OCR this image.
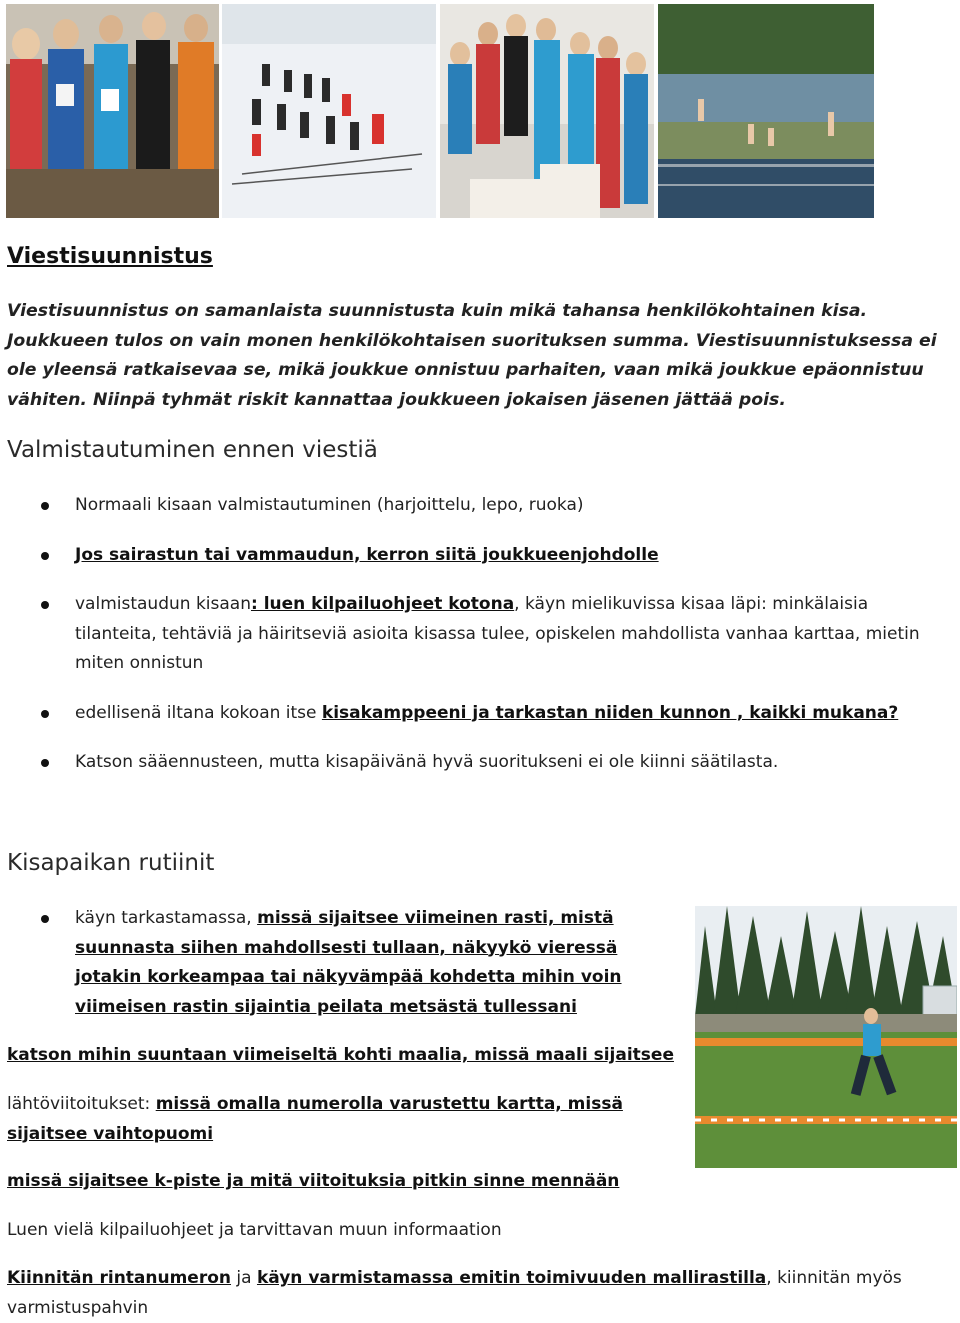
Viestisuunnistus

Viestisuunnistus on samanlaista suunnistusta kuin mikä tahansa henkilökohtainen kisa. Joukkueen tulos on vain monen henkilökohtaisen suorituksen summa. Viestisuunnistuksessa ei ole yleensä ratkaisevaa se, mikä joukkue onnistuu parhaiten, vaan mikä joukkue epäonnistuu vähiten. Niinpä tyhmät riskit kannattaa joukkueen jokaisen jäsenen jättää pois.

Valmistautuminen ennen viestiä
Normaali kisaan valmistautuminen (harjoittelu, lepo, ruoka)
Jos sairastun tai vammaudun, kerron siitä joukkueenjohdolle
valmistaudun kisaan: luen kilpailuohjeet kotona, käyn mielikuvissa kisaa läpi: minkälaisia tilanteita, tehtäviä ja häiritseviä asioita kisassa tulee, opiskelen mahdollista vanhaa karttaa, mietin miten onnistun
edellisenä iltana kokoan itse kisakamppeeni ja tarkastan niiden kunnon , kaikki mukana?
Katson sääennusteen, mutta kisapäivänä hyvä suoritukseni ei ole kiinni säätilasta.
Kisapaikan rutiinit
käyn tarkastamassa, missä sijaitsee viimeinen rasti, mistä suunnasta siihen mahdollsesti tullaan, näkyykö vieressä jotakin korkeampaa tai näkyvämpää kohdetta mihin voin viimeisen rastin sijaintia peilata metsästä tullessani

katson mihin suuntaan viimeiseltä kohti maalia, missä maali sijaitsee

lähtöviitoitukset: missä omalla numerolla varustettu kartta, missä sijaitsee vaihtopuomi

missä sijaitsee k-piste ja mitä viitoituksia pitkin sinne mennään

Luen vielä kilpailuohjeet ja tarvittavan muun informaation

Kiinnitän rintanumeron ja käyn varmistamassa emitin toimivuuden mallirastilla, kiinnitän myös varmistuspahvin
